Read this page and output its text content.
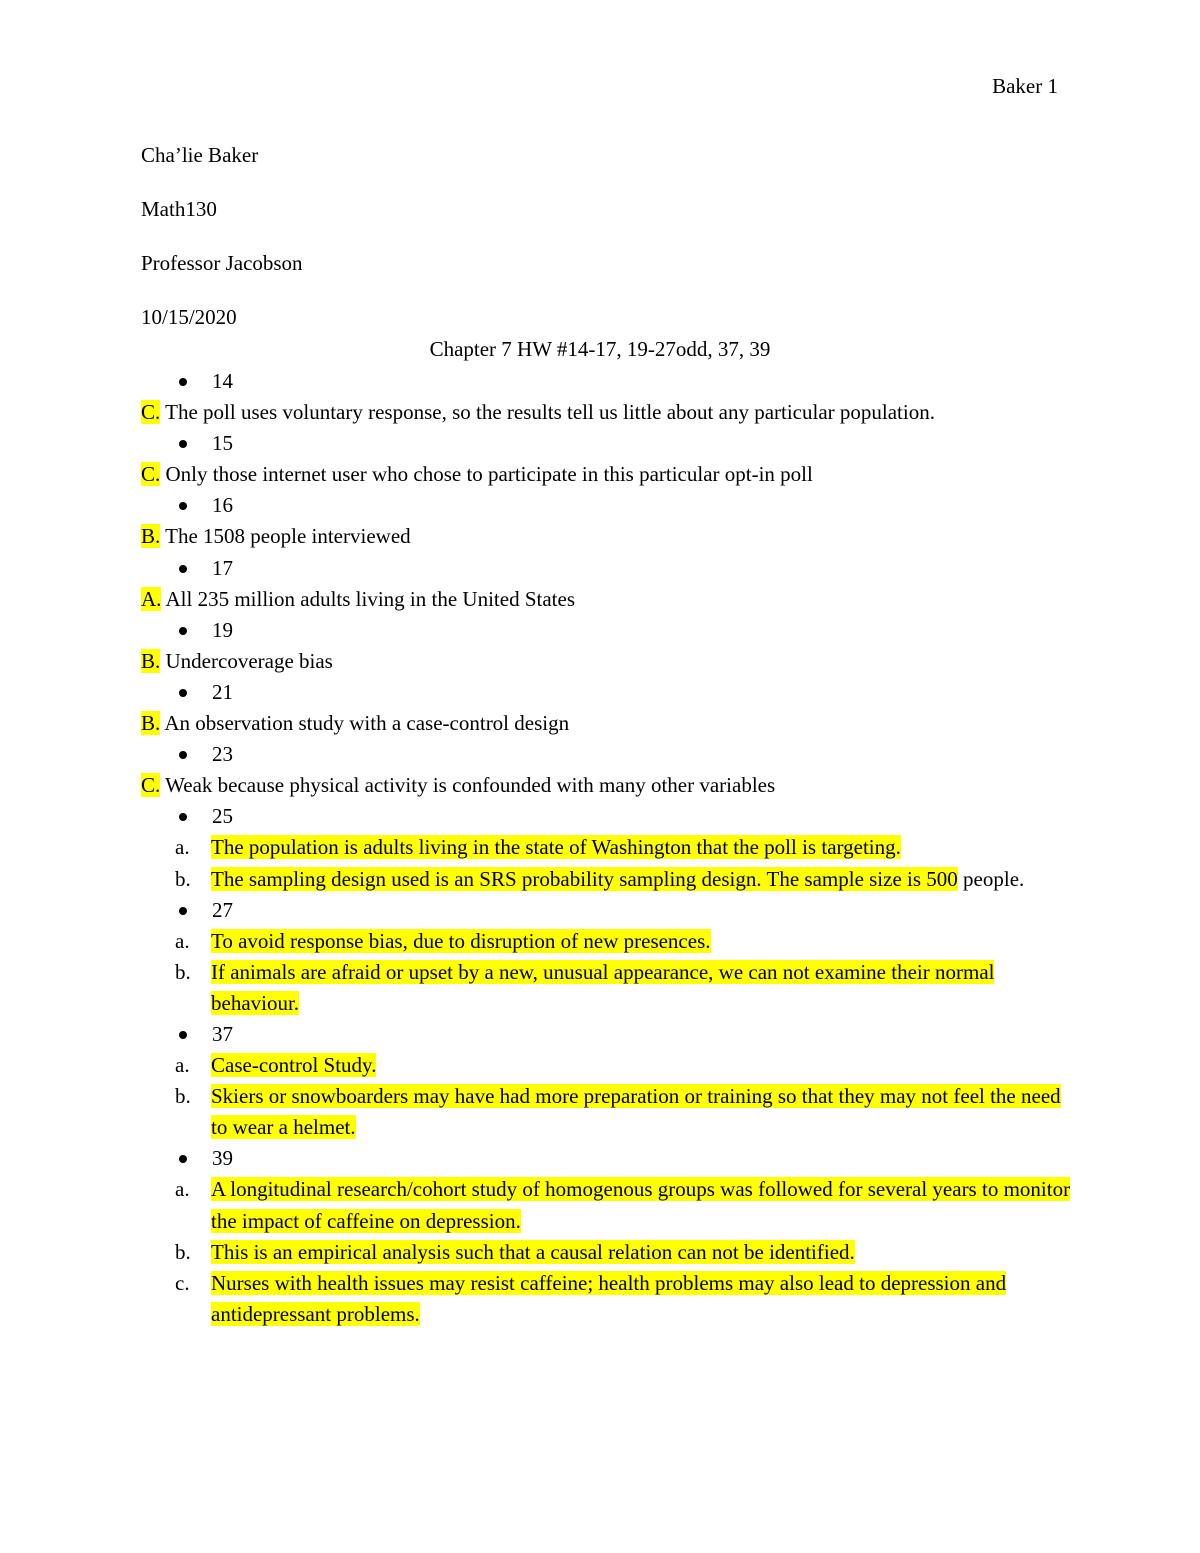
Baker 1
Cha’lie Baker
Math130
Professor Jacobson
10/15/2020
Chapter 7 HW #14-17, 19-27odd, 37, 39
14
C. The poll uses voluntary response, so the results tell us little about any particular population.
15
C. Only those internet user who chose to participate in this particular opt-in poll
16
B. The 1508 people interviewed
17
A. All 235 million adults living in the United States
19
B. Undercoverage bias
21
B. An observation study with a case-control design
23
C. Weak because physical activity is confounded with many other variables
25
a. The population is adults living in the state of Washington that the poll is targeting.
b. The sampling design used is an SRS probability sampling design. The sample size is 500 people.
27
a. To avoid response bias, due to disruption of new presences.
b. If animals are afraid or upset by a new, unusual appearance, we can not examine their normal behaviour.
37
a. Case-control Study.
b. Skiers or snowboarders may have had more preparation or training so that they may not feel the need to wear a helmet.
39
a. A longitudinal research/cohort study of homogenous groups was followed for several years to monitor the impact of caffeine on depression.
b. This is an empirical analysis such that a causal relation can not be identified.
c. Nurses with health issues may resist caffeine; health problems may also lead to depression and antidepressant problems.
